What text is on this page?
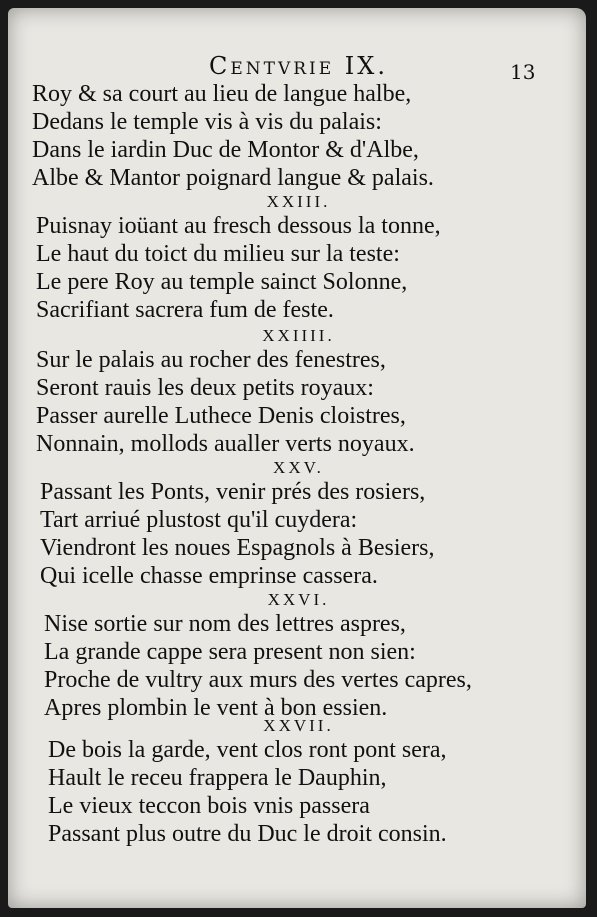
Centvrie IX.	13
Roy & sa court au lieu de langue halbe,
Dedans le temple vis à vis du palais:
Dans le iardin Duc de Montor & d'Albe,
Albe & Mantor poignard langue & palais.
XXIII.
Puisnay ioüant au fresch dessous la tonne,
Le haut du toict du milieu sur la teste:
Le pere Roy au temple sainct Solonne,
Sacrifiant sacrera fum de feste.
XXIIII.
Sur le palais au rocher des fenestres,
Seront rauis les deux petits royaux:
Passer aurelle Luthece Denis cloistres,
Nonnain, mollods aualler verts noyaux.
XXV.
Passant les Ponts, venir prés des rosiers,
Tart arriué plustost qu'il cuydera:
Viendront les noues Espagnols à Besiers,
Qui icelle chasse emprinse cassera.
XXVI.
Nise sortie sur nom des lettres aspres,
La grande cappe sera present non sien:
Proche de vultry aux murs des vertes capres,
Apres plombin le vent à bon essien.
XXVII.
De bois la garde, vent clos ront pont sera,
Hault le receu frappera le Dauphin,
Le vieux teccon bois vnis passera
Passant plus outre du Duc le droit consin.
